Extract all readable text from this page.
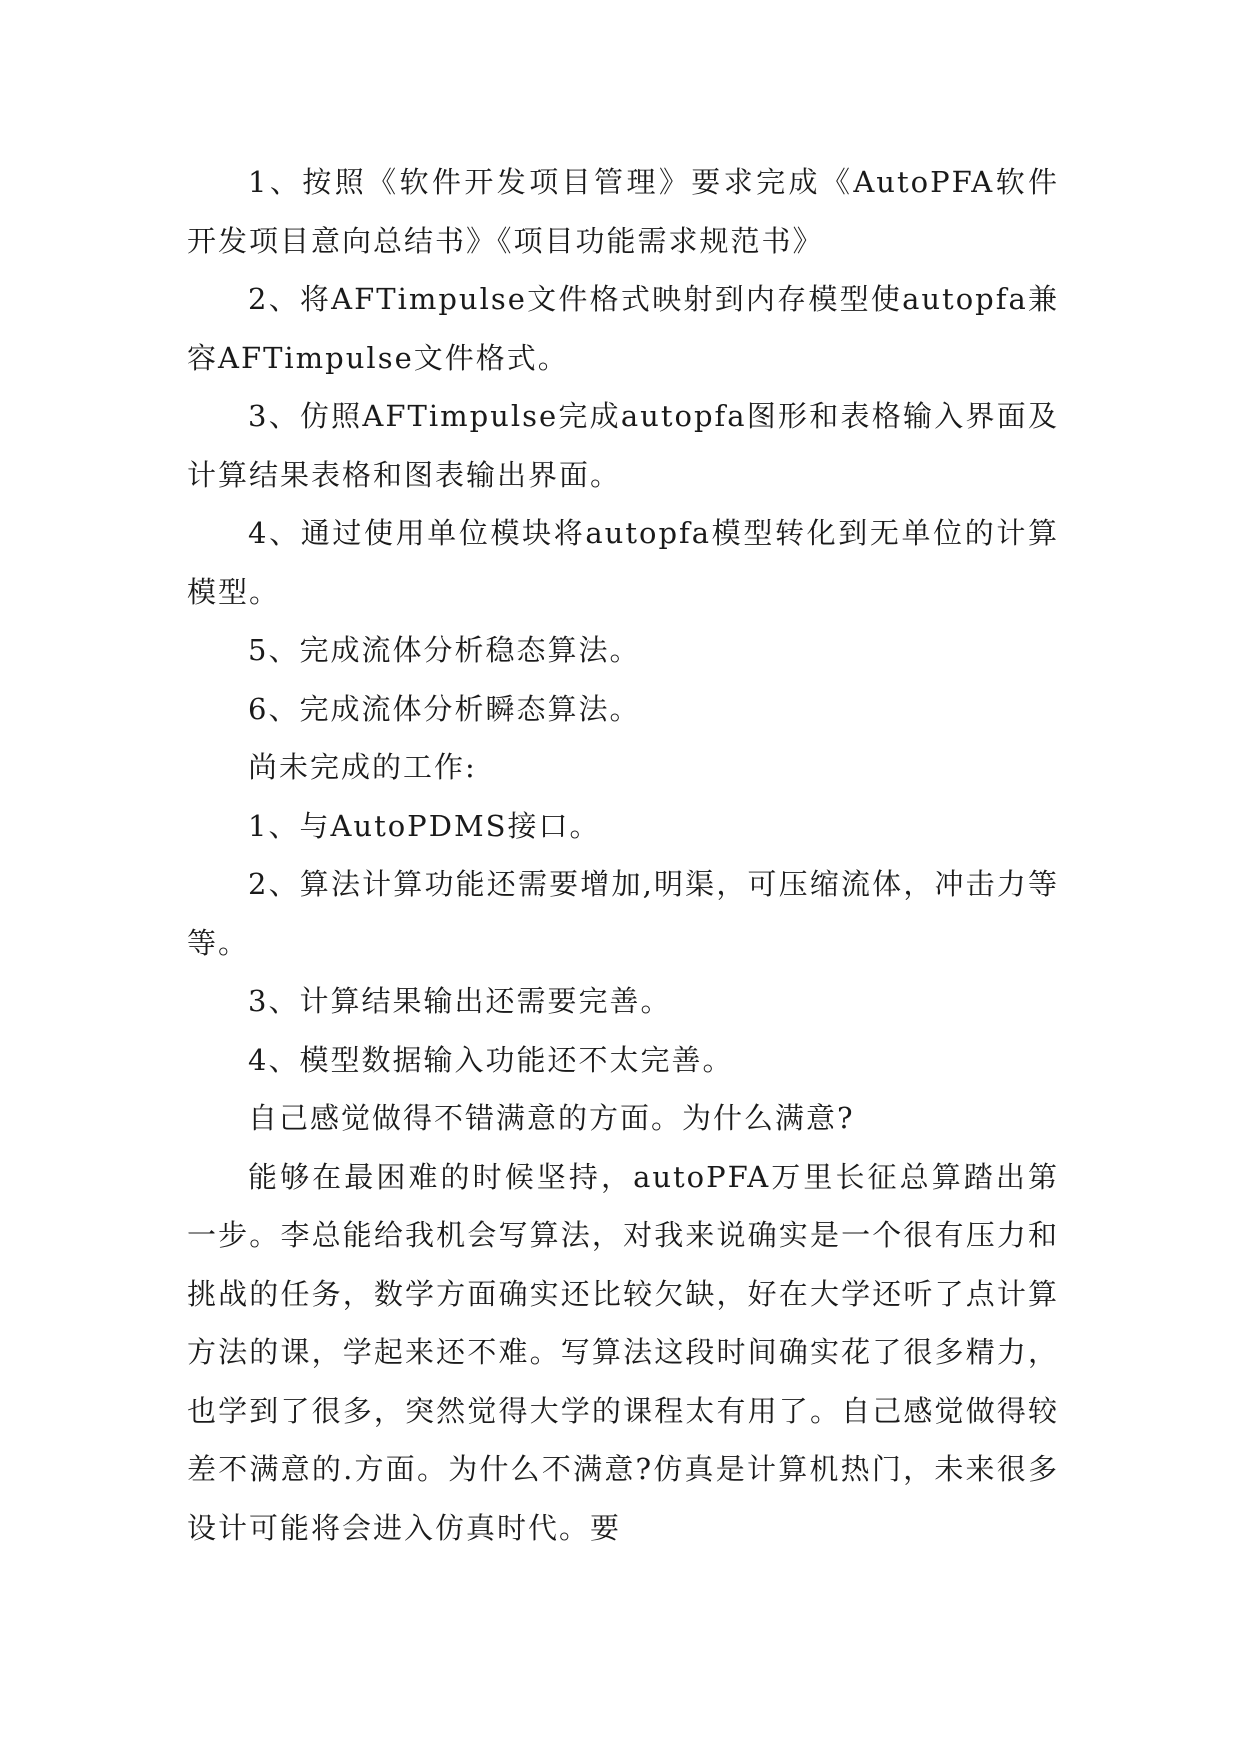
1、按照《软件开发项目管理》要求完成《AutoPFA软件开发项目意向总结书》《项目功能需求规范书》

2、将AFTimpulse文件格式映射到内存模型使autopfa兼容AFTimpulse文件格式。

3、仿照AFTimpulse完成autopfa图形和表格输入界面及计算结果表格和图表输出界面。

4、通过使用单位模块将autopfa模型转化到无单位的计算模型。

5、完成流体分析稳态算法。

6、完成流体分析瞬态算法。

尚未完成的工作:

1、与AutoPDMS接口。

2、算法计算功能还需要增加,明渠，可压缩流体，冲击力等等。

3、计算结果输出还需要完善。

4、模型数据输入功能还不太完善。

自己感觉做得不错满意的方面。为什么满意?

能够在最困难的时候坚持，autoPFA万里长征总算踏出第一步。李总能给我机会写算法，对我来说确实是一个很有压力和挑战的任务，数学方面确实还比较欠缺，好在大学还听了点计算方法的课，学起来还不难。写算法这段时间确实花了很多精力，也学到了很多，突然觉得大学的课程太有用了。自己感觉做得较差不满意的.方面。为什么不满意?仿真是计算机热门，未来很多设计可能将会进入仿真时代。要
